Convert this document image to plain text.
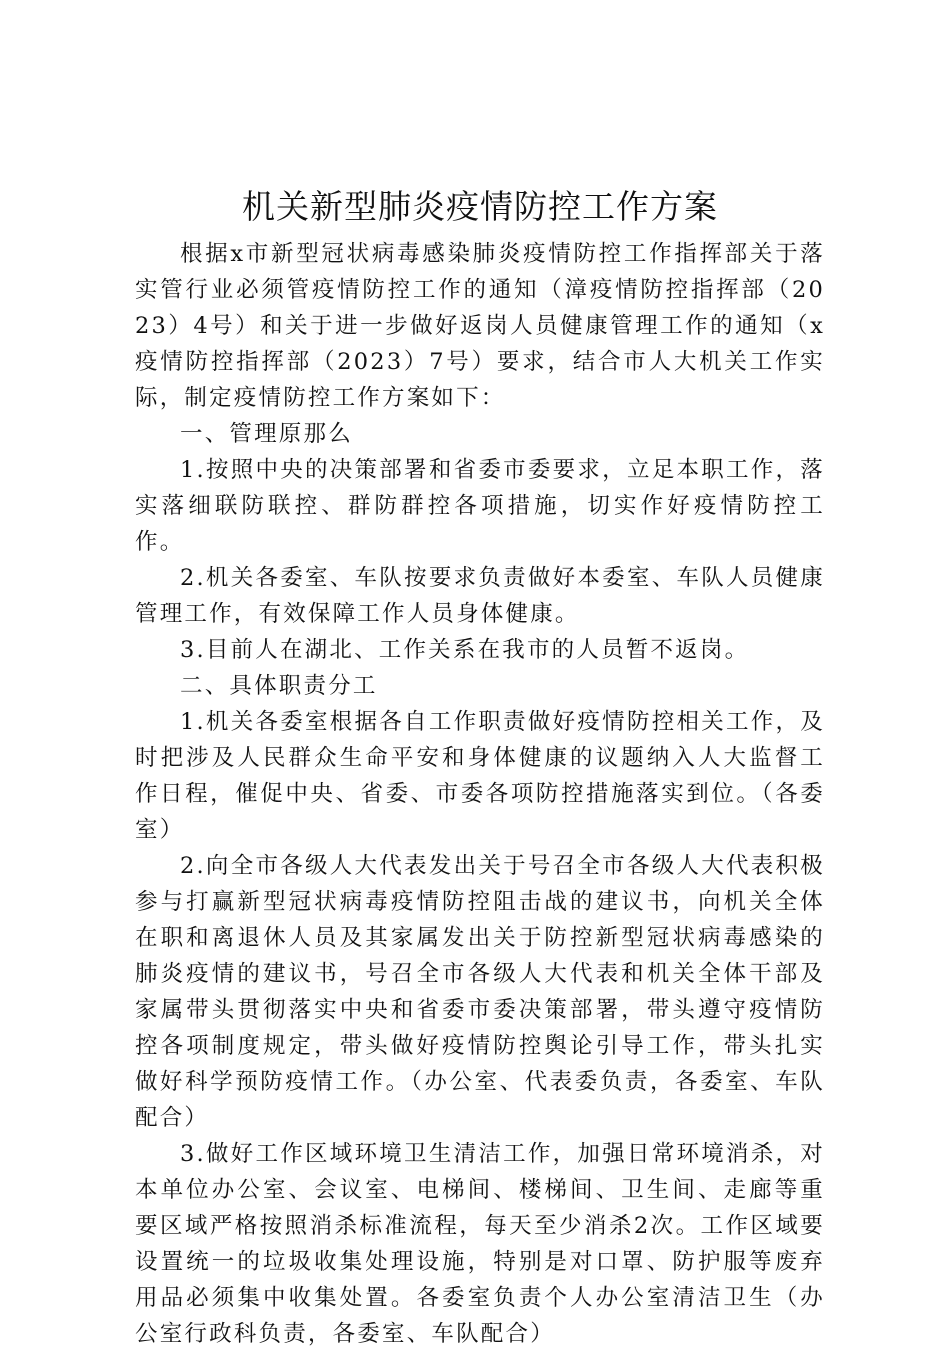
机关新型肺炎疫情防控工作方案

根据x市新型冠状病毒感染肺炎疫情防控工作指挥部关于落实管行业必须管疫情防控工作的通知（漳疫情防控指挥部（2023）4号）和关于进一步做好返岗人员健康管理工作的通知（x疫情防控指挥部（2023）7号）要求，结合市人大机关工作实际，制定疫情防控工作方案如下：

一、管理原那么

1.按照中央的决策部署和省委市委要求，立足本职工作，落实落细联防联控、群防群控各项措施，切实作好疫情防控工作。

2.机关各委室、车队按要求负责做好本委室、车队人员健康管理工作，有效保障工作人员身体健康。

3.目前人在湖北、工作关系在我市的人员暂不返岗。

二、具体职责分工

1.机关各委室根据各自工作职责做好疫情防控相关工作，及时把涉及人民群众生命平安和身体健康的议题纳入人大监督工作日程，催促中央、省委、市委各项防控措施落实到位。（各委室）

2.向全市各级人大代表发出关于号召全市各级人大代表积极参与打赢新型冠状病毒疫情防控阻击战的建议书，向机关全体在职和离退休人员及其家属发出关于防控新型冠状病毒感染的肺炎疫情的建议书，号召全市各级人大代表和机关全体干部及家属带头贯彻落实中央和省委市委决策部署，带头遵守疫情防控各项制度规定，带头做好疫情防控舆论引导工作，带头扎实做好科学预防疫情工作。（办公室、代表委负责，各委室、车队配合）

3.做好工作区域环境卫生清洁工作，加强日常环境消杀，对本单位办公室、会议室、电梯间、楼梯间、卫生间、走廊等重要区域严格按照消杀标准流程，每天至少消杀2次。工作区域要设置统一的垃圾收集处理设施，特别是对口罩、防护服等废弃用品必须集中收集处置。各委室负责个人办公室清洁卫生（办公室行政科负责，各委室、车队配合）
